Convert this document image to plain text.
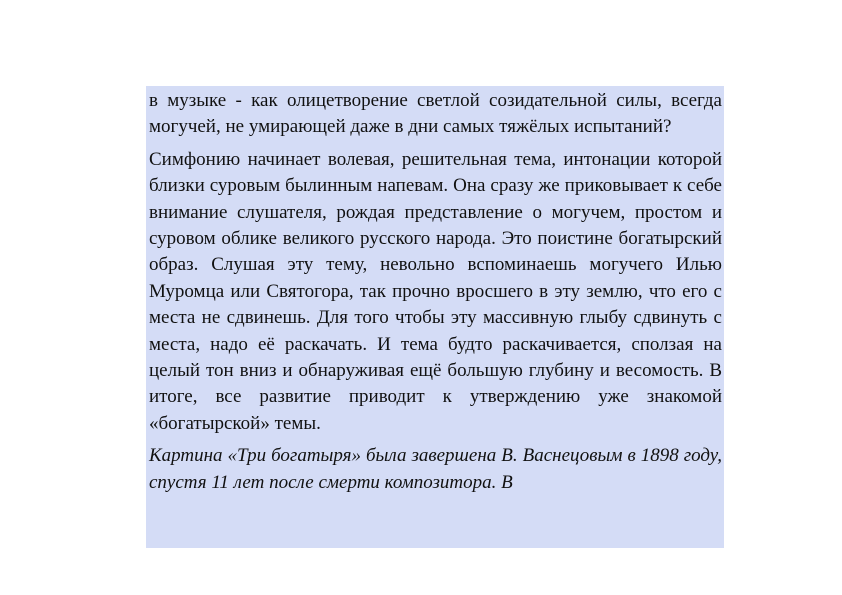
в музыке - как олицетворение светлой созидательной силы, всегда могучей, не умирающей даже в дни самых тяжёлых испытаний?

Симфонию начинает волевая, решительная тема, интонации которой близки суровым былинным напевам. Она сразу же приковывает к себе внимание слушателя, рождая представление о могучем, простом и суровом облике великого русского народа. Это поистине богатырский образ. Слушая эту тему, невольно вспоминаешь могучего Илью Муромца или Святогора, так прочно вросшего в эту землю, что его с места не сдвинешь. Для того чтобы эту массивную глыбу сдвинуть с места, надо её раскачать. И тема будто раскачивается, сползая на целый тон вниз и обнаруживая ещё большую глубину и весомость. В итоге, все развитие приводит к утверждению уже знакомой «богатырской» темы.

Картина «Три богатыря» была завершена В. Васнецовым в 1898 году, спустя 11 лет после смерти композитора. В
